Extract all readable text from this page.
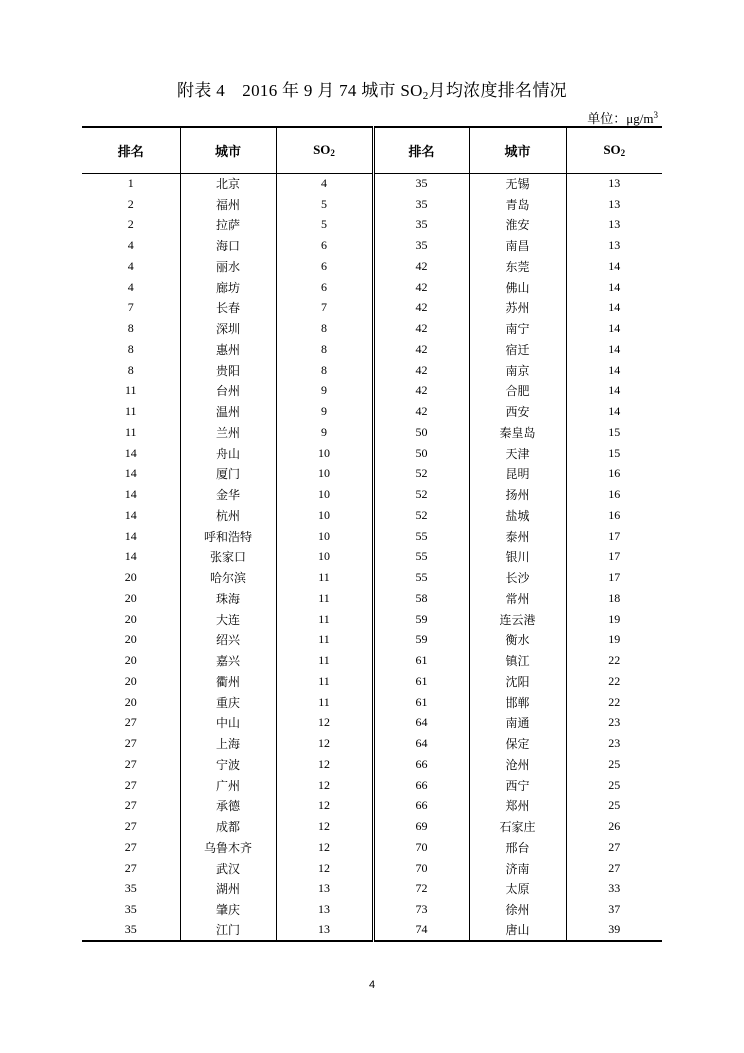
附表 4　2016 年 9 月 74 城市 $SO_2$月均浓度排名情况
单位：$\mu g/m^3$
排名	城市	$SO_2$	排名	城市	$SO_2$
1	北京	4	35	无锡	13
2	福州	5	35	青岛	13
2	拉萨	5	35	淮安	13
4	海口	6	35	南昌	13
4	丽水	6	42	东莞	14
4	廊坊	6	42	佛山	14
7	长春	7	42	苏州	14
8	深圳	8	42	南宁	14
8	惠州	8	42	宿迁	14
8	贵阳	8	42	南京	14
11	台州	9	42	合肥	14
11	温州	9	42	西安	14
11	兰州	9	50	秦皇岛	15
14	舟山	10	50	天津	15
14	厦门	10	52	昆明	16
14	金华	10	52	扬州	16
14	杭州	10	52	盐城	16
14	呼和浩特	10	55	泰州	17
14	张家口	10	55	银川	17
20	哈尔滨	11	55	长沙	17
20	珠海	11	58	常州	18
20	大连	11	59	连云港	19
20	绍兴	11	59	衡水	19
20	嘉兴	11	61	镇江	22
20	衢州	11	61	沈阳	22
20	重庆	11	61	邯郸	22
27	中山	12	64	南通	23
27	上海	12	64	保定	23
27	宁波	12	66	沧州	25
27	广州	12	66	西宁	25
27	承德	12	66	郑州	25
27	成都	12	69	石家庄	26
27	乌鲁木齐	12	70	邢台	27
27	武汉	12	70	济南	27
35	湖州	13	72	太原	33
35	肇庆	13	73	徐州	37
35	江门	13	74	唐山	39
4
